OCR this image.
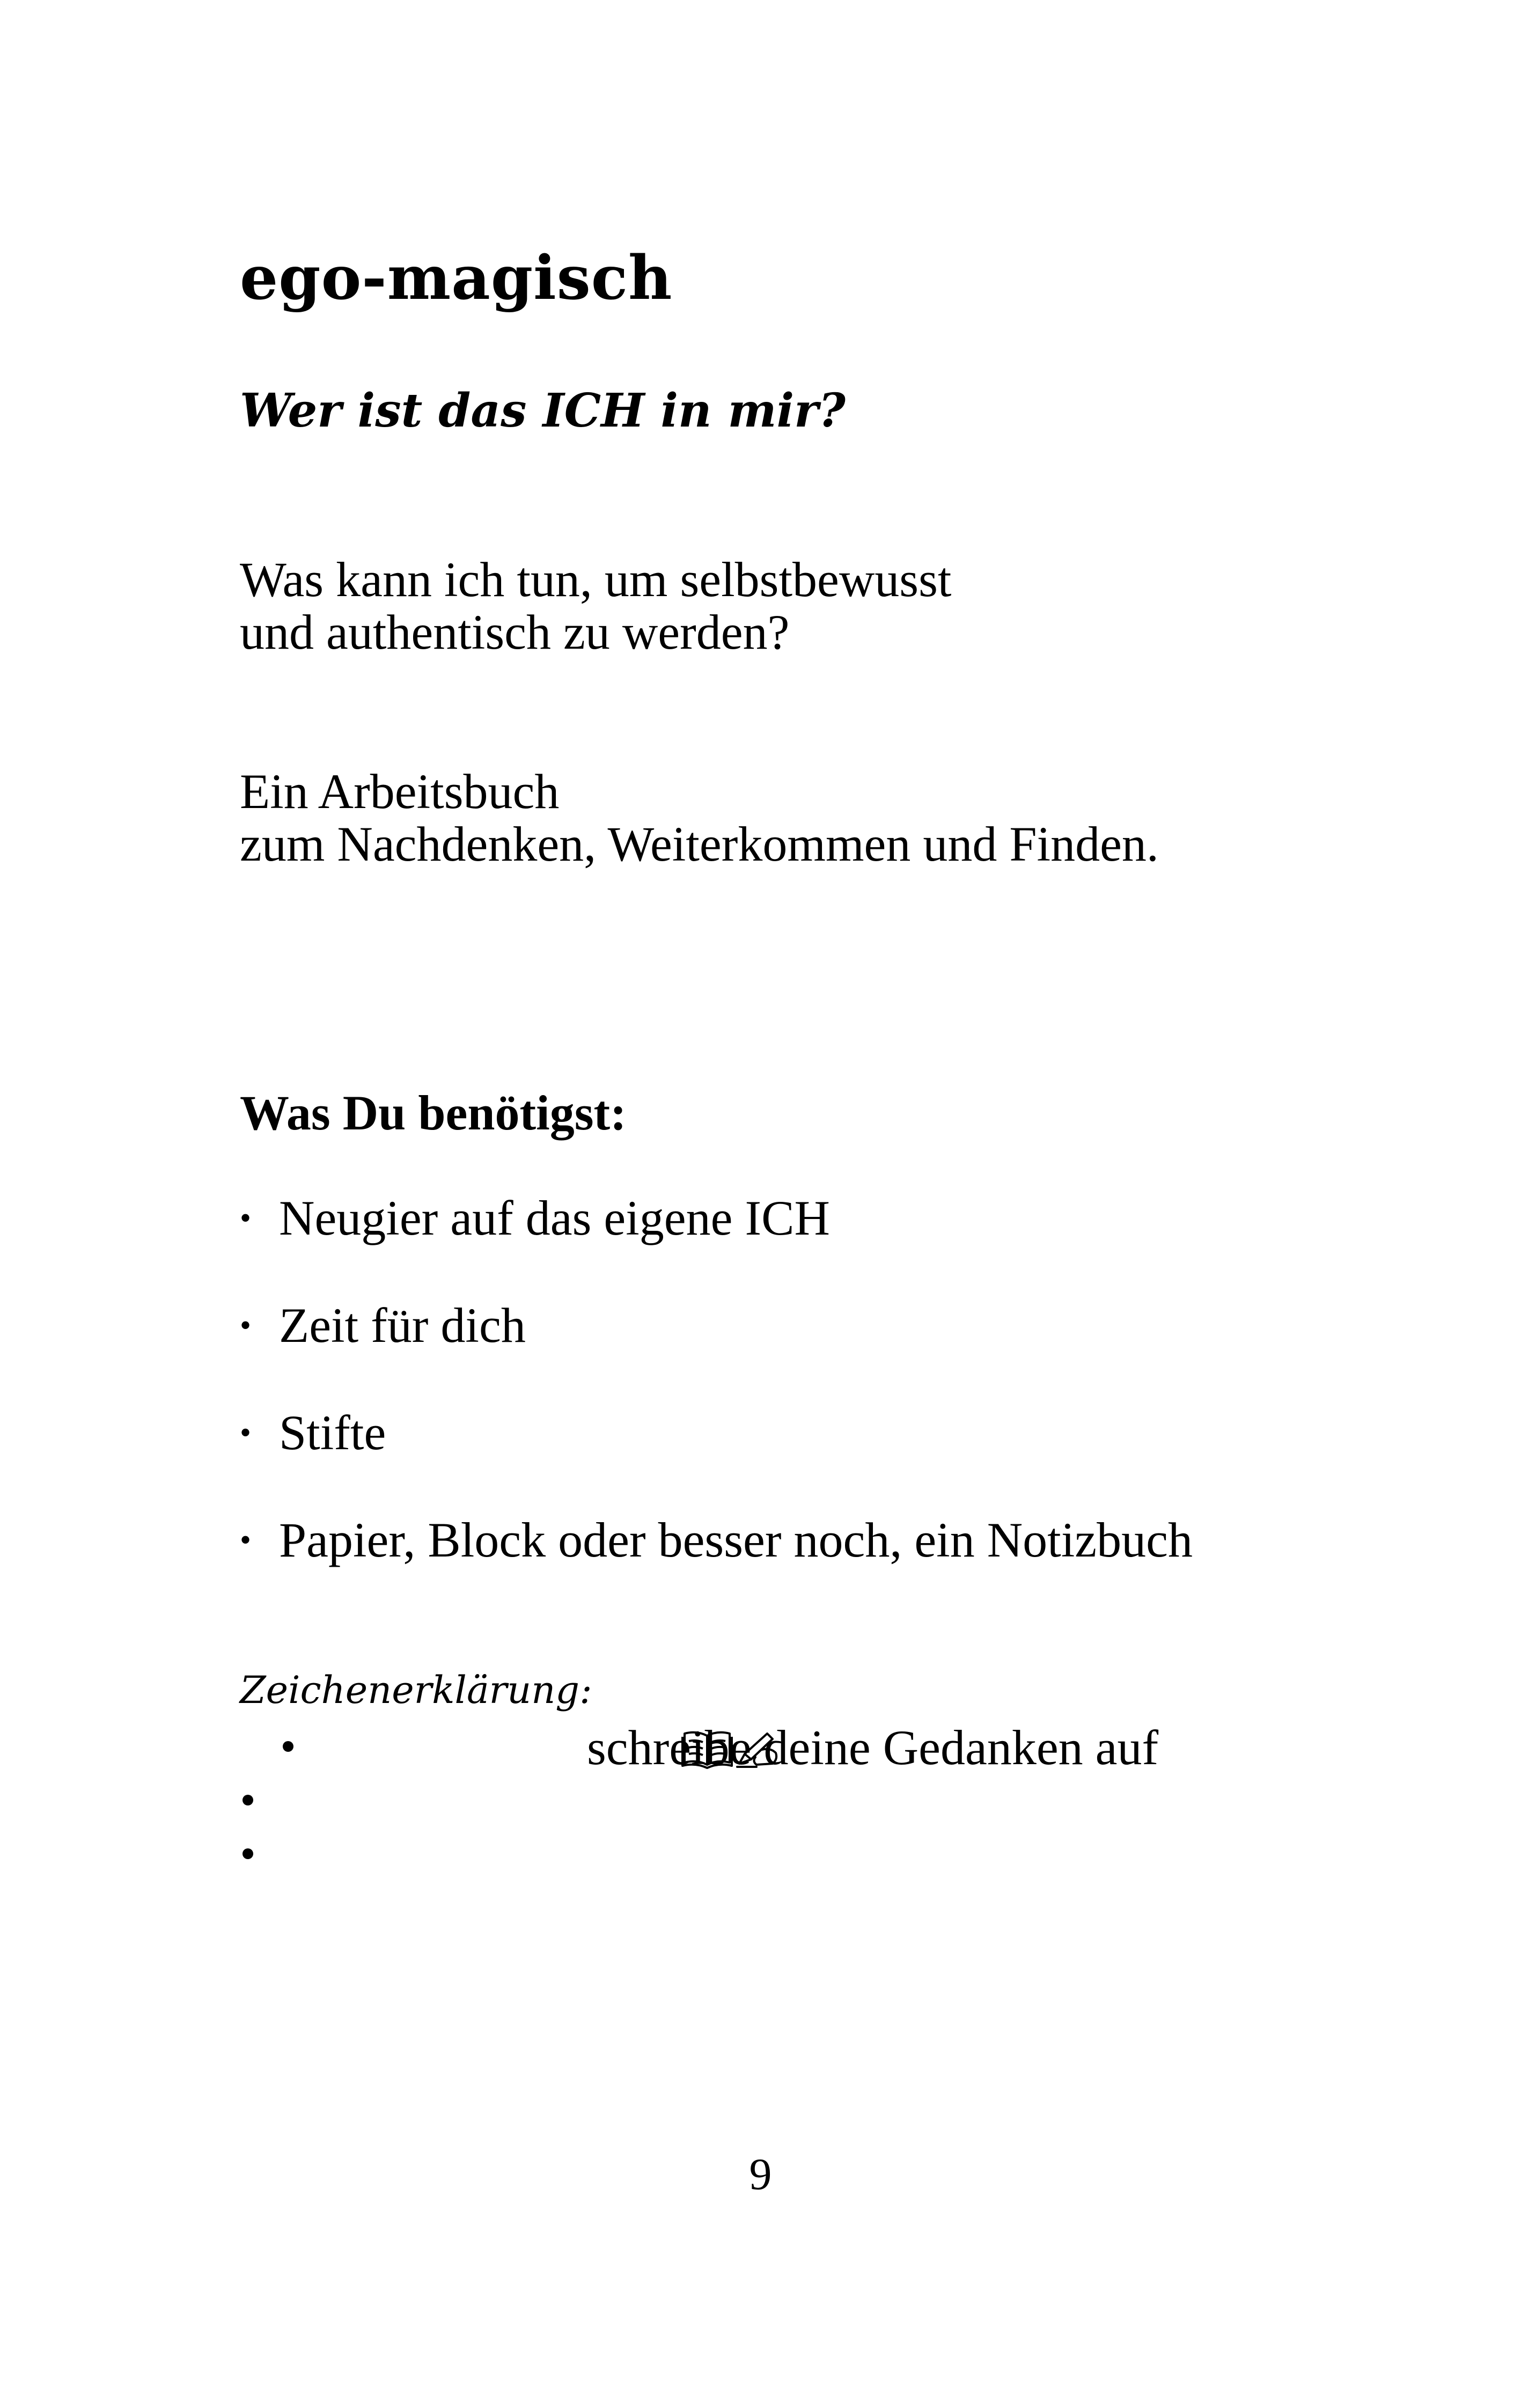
ego-magisch
Wer ist das ICH in mir?

Was kann ich tun, um selbstbewusst
und authentisch zu werden?

Ein Arbeitsbuch
zum Nachdenken, Weiterkommen und Finden.

Was Du benötigst:
• Neugier auf das eigene ICH
• Zeit für dich
• Stifte
• Papier, Block oder besser noch, ein Notizbuch

Zeichenerklärung:

schreibe deine Gedanken auf

9
